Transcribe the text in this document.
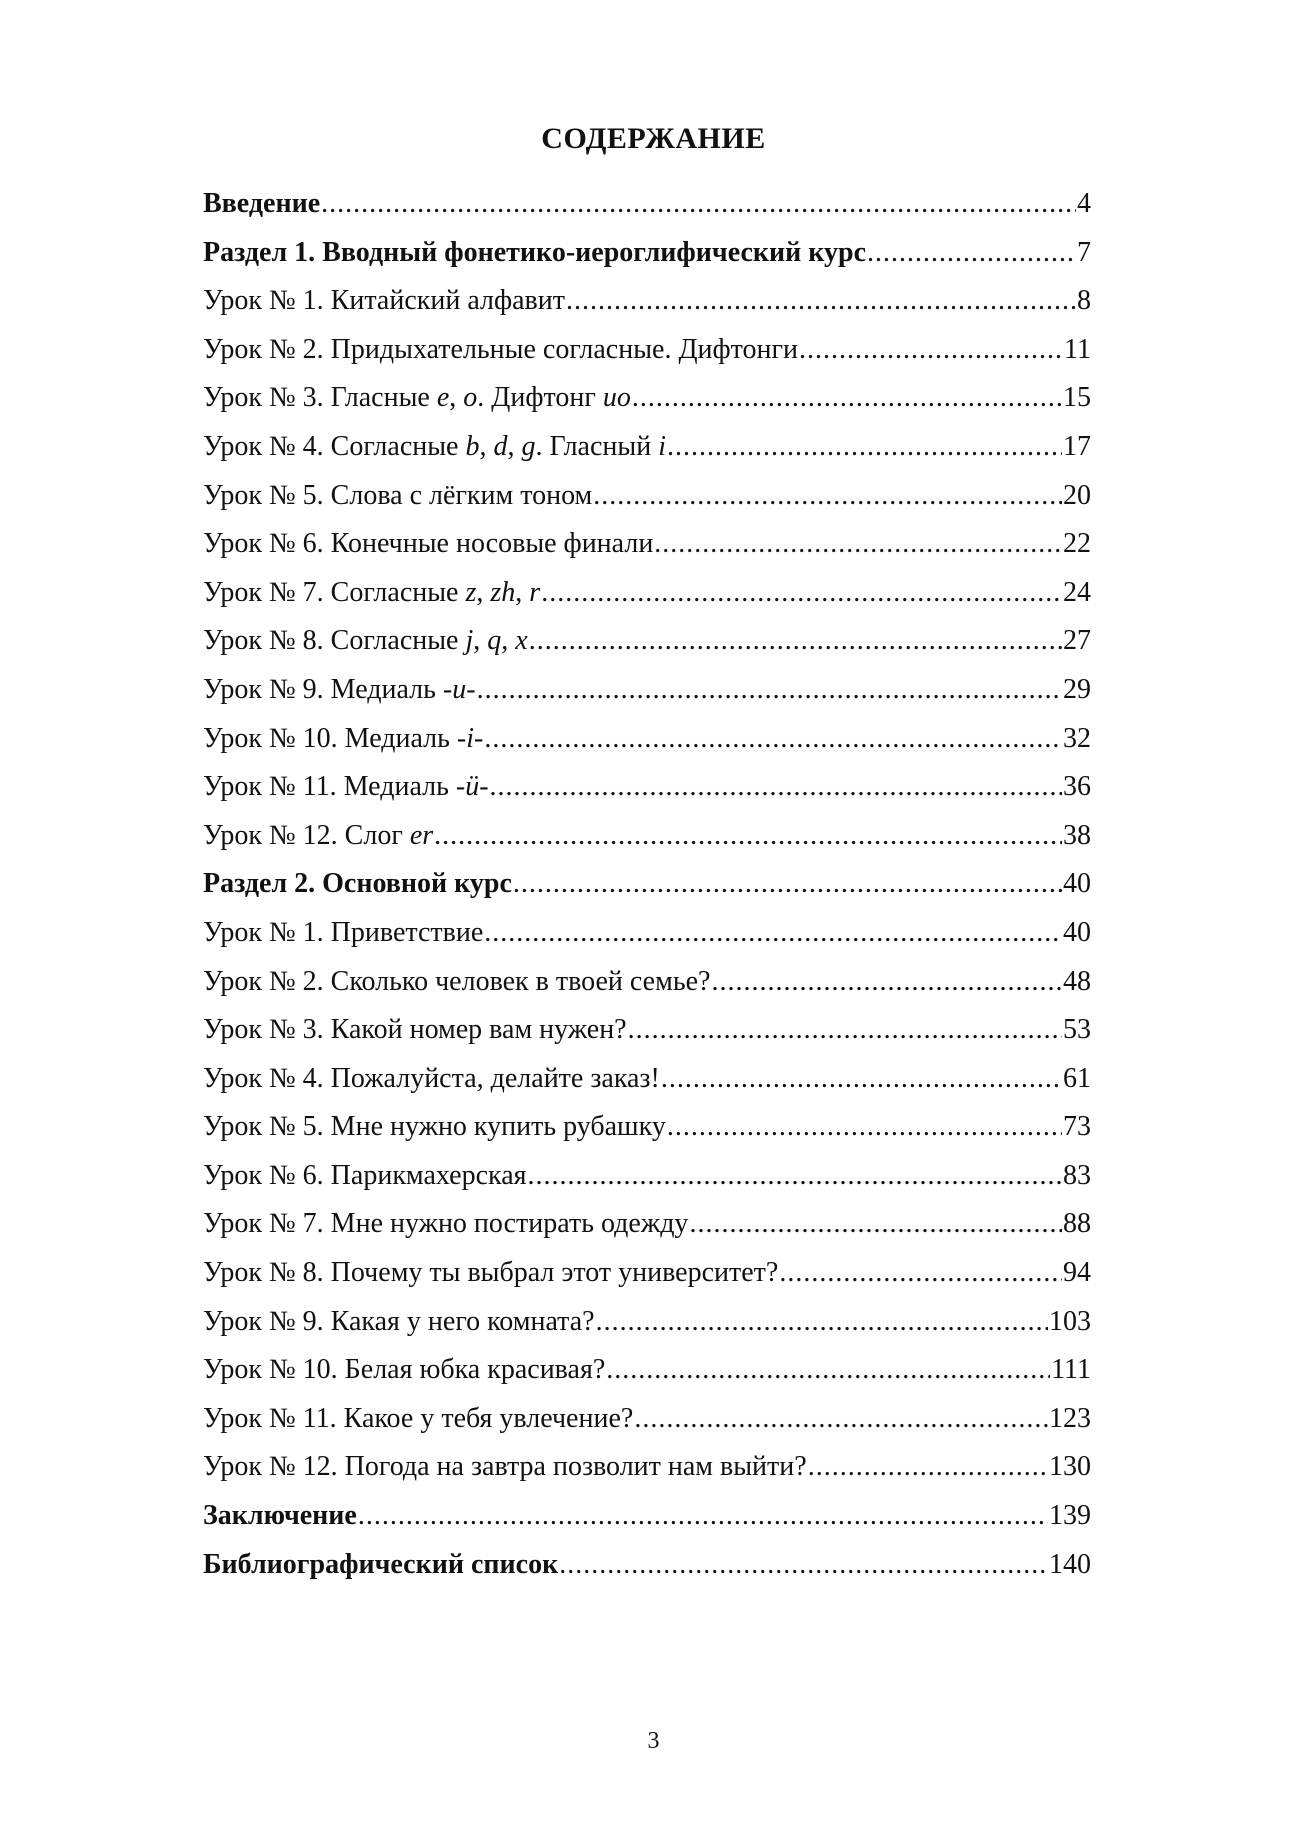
СОДЕРЖАНИЕ
Введение .....	4
Раздел 1. Вводный фонетико-иероглифический курс .....	7
Урок № 1. Китайский алфавит .....	8
Урок № 2. Придыхательные согласные. Дифтонги .....	11
Урок № 3. Гласные e, o. Дифтонг uo .....	15
Урок № 4. Согласные b, d, g. Гласный i .....	17
Урок № 5. Слова с лёгким тоном .....	20
Урок № 6. Конечные носовые финали .....	22
Урок № 7. Согласные z, zh, r .....	24
Урок № 8. Согласные j, q, x .....	27
Урок № 9. Медиаль -u- .....	29
Урок № 10. Медиаль -i- .....	32
Урок № 11. Медиаль -ü- .....	36
Урок № 12. Слог er .....	38
Раздел 2. Основной курс .....	40
Урок № 1. Приветствие .....	40
Урок № 2. Сколько человек в твоей семье? .....	48
Урок № 3. Какой номер вам нужен? .....	53
Урок № 4. Пожалуйста, делайте заказ! .....	61
Урок № 5. Мне нужно купить рубашку .....	73
Урок № 6. Парикмахерская .....	83
Урок № 7. Мне нужно постирать одежду .....	88
Урок № 8. Почему ты выбрал этот университет? .....	94
Урок № 9. Какая у него комната? .....	103
Урок № 10. Белая юбка красивая? .....	111
Урок № 11. Какое у тебя увлечение? .....	123
Урок № 12. Погода на завтра позволит нам выйти? .....	130
Заключение .....	139
Библиографический список .....	140
3
